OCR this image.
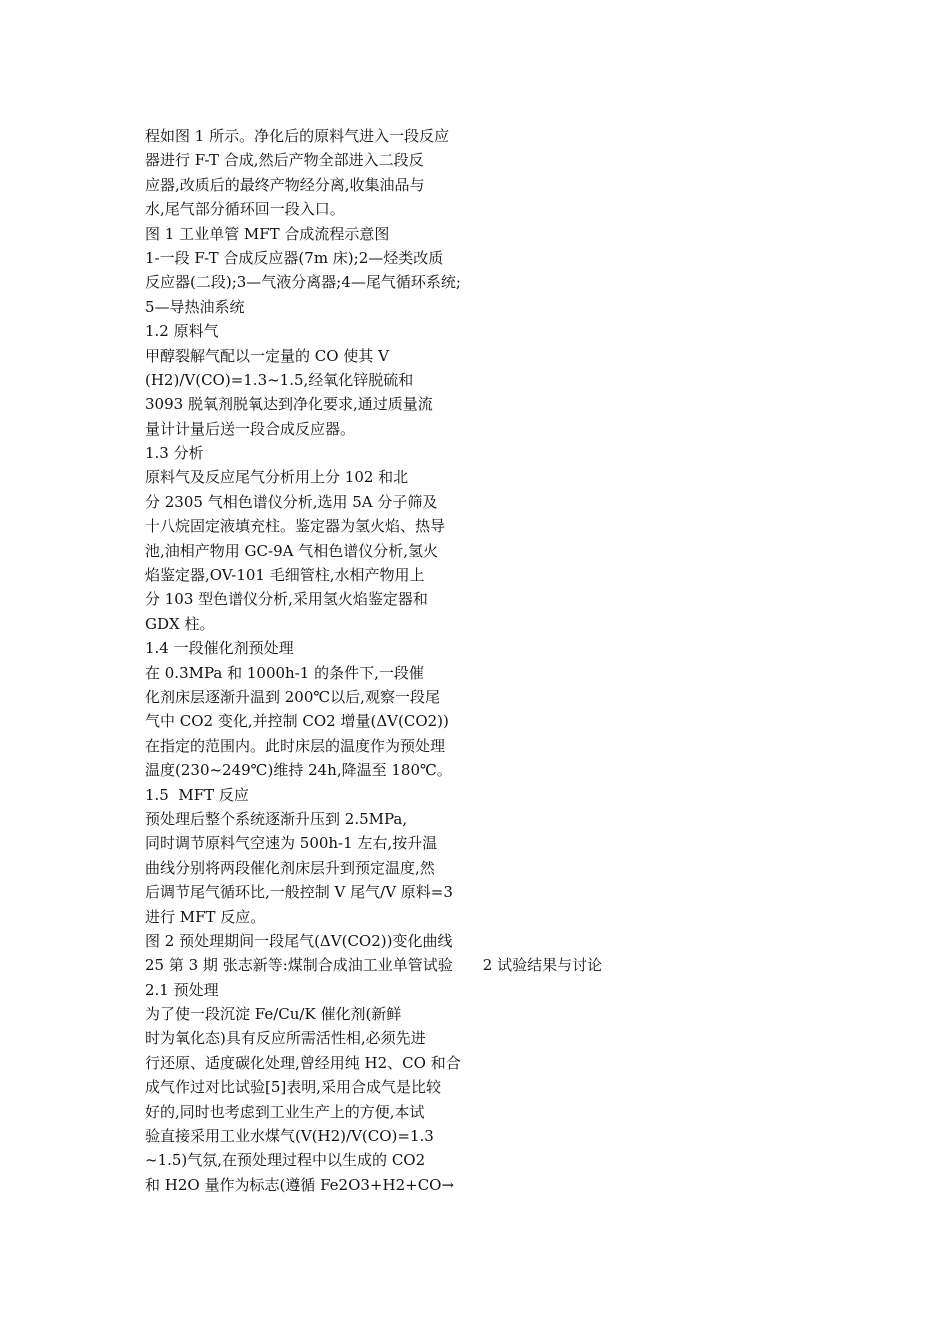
程如图 1 所示。净化后的原料气进入一段反应
器进行 F-T 合成,然后产物全部进入二段反
应器,改质后的最终产物经分离,收集油品与
水,尾气部分循环回一段入口。
图 1 工业单管 MFT 合成流程示意图
1-一段 F-T 合成反应器(7m 床);2—烃类改质
反应器(二段);3—气液分离器;4—尾气循环系统;
5—导热油系统
1.2 原料气
甲醇裂解气配以一定量的 CO 使其 V
(H2)/V(CO)=1.3~1.5,经氧化锌脱硫和
3093 脱氧剂脱氧达到净化要求,通过质量流
量计计量后送一段合成反应器。
1.3 分析
原料气及反应尾气分析用上分 102 和北
分 2305 气相色谱仪分析,选用 5A 分子筛及
十八烷固定液填充柱。鉴定器为氢火焰、热导
池,油相产物用 GC-9A 气相色谱仪分析,氢火
焰鉴定器,OV-101 毛细管柱,水相产物用上
分 103 型色谱仪分析,采用氢火焰鉴定器和
GDX 柱。
1.4 一段催化剂预处理
在 0.3MPa 和 1000h-1 的条件下,一段催
化剂床层逐渐升温到 200℃以后,观察一段尾
气中 CO2 变化,并控制 CO2 增量(ΔV(CO2))
在指定的范围内。此时床层的温度作为预处理
温度(230~249℃)维持 24h,降温至 180℃。
1.5  MFT 反应
预处理后整个系统逐渐升压到 2.5MPa,
同时调节原料气空速为 500h-1 左右,按升温
曲线分别将两段催化剂床层升到预定温度,然
后调节尾气循环比,一般控制 V 尾气/V 原料=3
进行 MFT 反应。
图 2 预处理期间一段尾气(ΔV(CO2))变化曲线
25 第 3 期 张志新等:煤制合成油工业单管试验 2 试验结果与讨论
2.1 预处理
为了使一段沉淀 Fe/Cu/K 催化剂(新鲜
时为氧化态)具有反应所需活性相,必须先进
行还原、适度碳化处理,曾经用纯 H2、CO 和合
成气作过对比试验[5]表明,采用合成气是比较
好的,同时也考虑到工业生产上的方便,本试
验直接采用工业水煤气(V(H2)/V(CO)=1.3
~1.5)气氛,在预处理过程中以生成的 CO2
和 H2O 量作为标志(遵循 Fe2O3+H2+CO→
